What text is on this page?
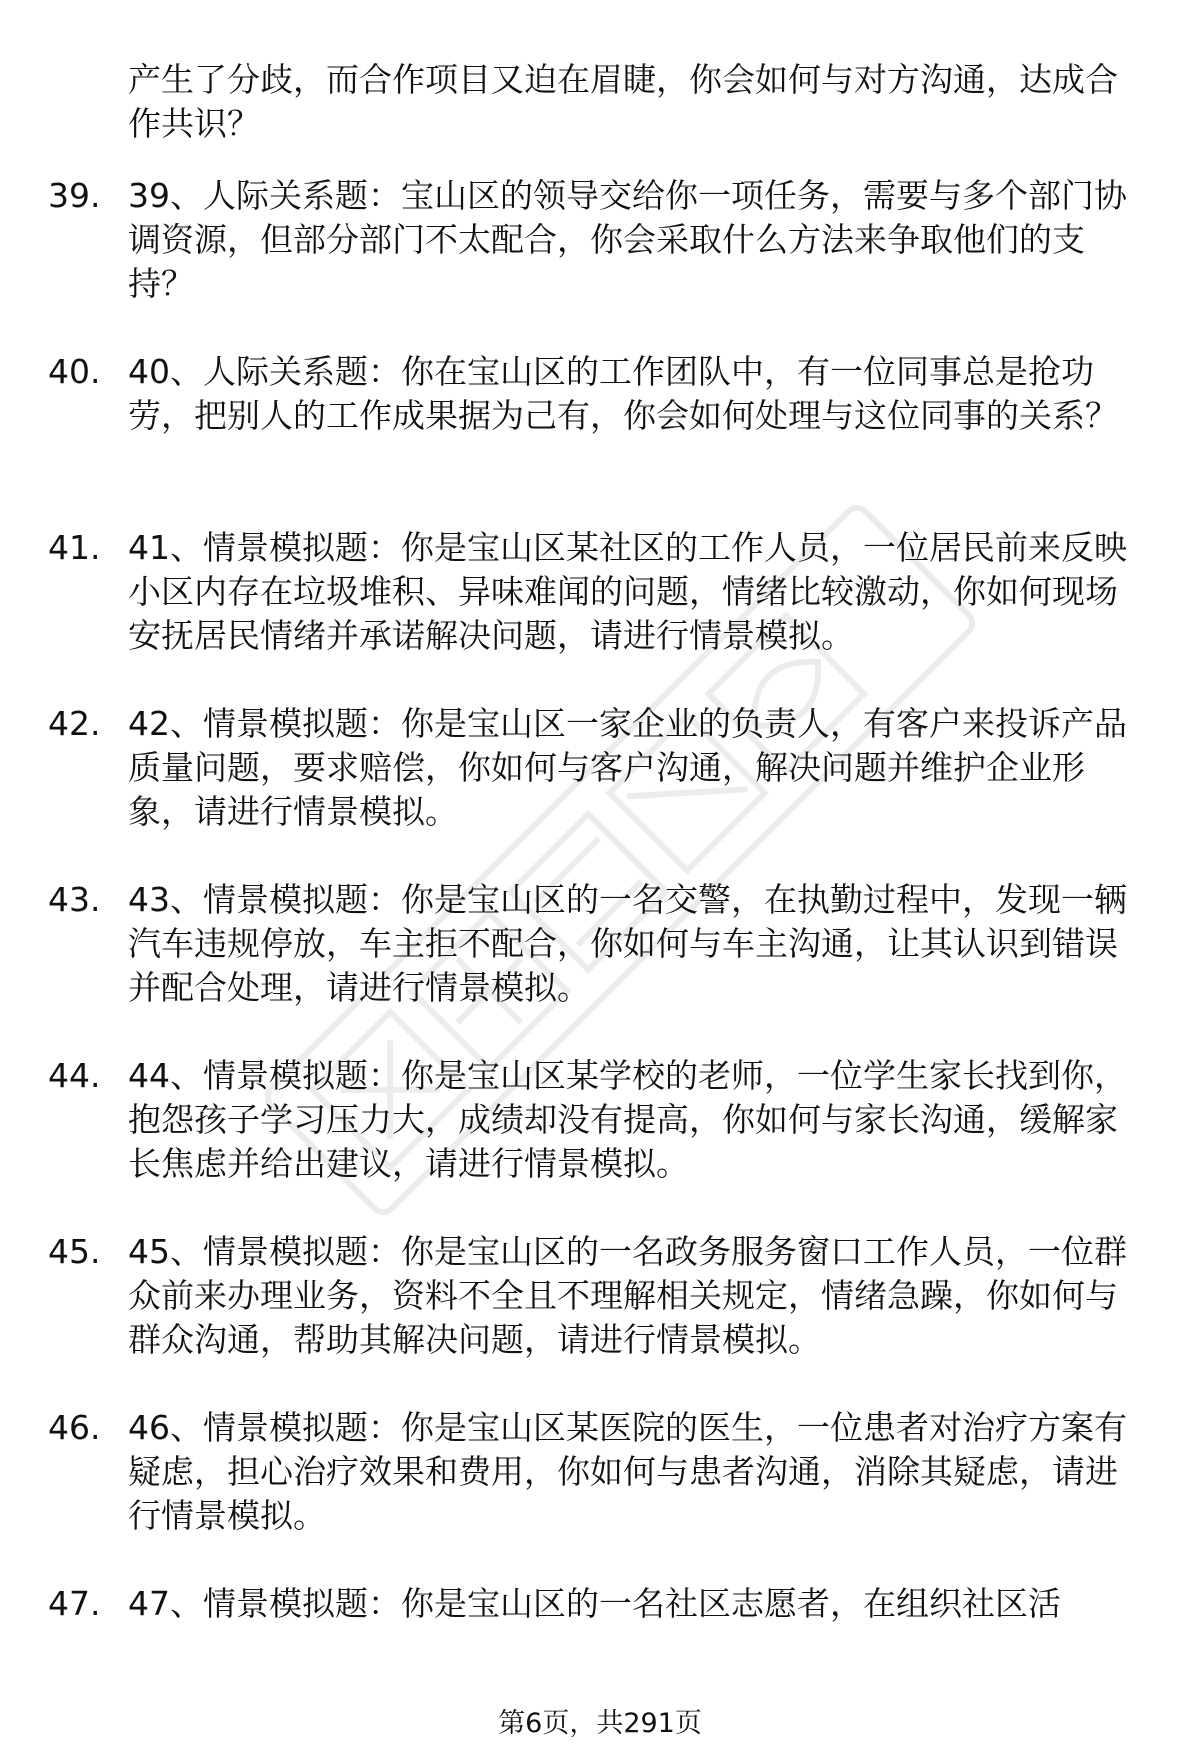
产生了分歧，而合作项目又迫在眉睫，你会如何与对方沟通，达成合作共识？

39. 39、人际关系题：宝山区的领导交给你一项任务，需要与多个部门协调资源，但部分部门不太配合，你会采取什么方法来争取他们的支持？
40. 40、人际关系题：你在宝山区的工作团队中，有一位同事总是抢功劳，把别人的工作成果据为己有，你会如何处理与这位同事的关系？
41. 41、情景模拟题：你是宝山区某社区的工作人员，一位居民前来反映小区内存在垃圾堆积、异味难闻的问题，情绪比较激动，你如何现场安抚居民情绪并承诺解决问题，请进行情景模拟。
42. 42、情景模拟题：你是宝山区一家企业的负责人，有客户来投诉产品质量问题，要求赔偿，你如何与客户沟通，解决问题并维护企业形象，请进行情景模拟。
43. 43、情景模拟题：你是宝山区的一名交警，在执勤过程中，发现一辆汽车违规停放，车主拒不配合，你如何与车主沟通，让其认识到错误并配合处理，请进行情景模拟。
44. 44、情景模拟题：你是宝山区某学校的老师，一位学生家长找到你，抱怨孩子学习压力大，成绩却没有提高，你如何与家长沟通，缓解家长焦虑并给出建议，请进行情景模拟。
45. 45、情景模拟题：你是宝山区的一名政务服务窗口工作人员，一位群众前来办理业务，资料不全且不理解相关规定，情绪急躁，你如何与群众沟通，帮助其解决问题，请进行情景模拟。
46. 46、情景模拟题：你是宝山区某医院的医生，一位患者对治疗方案有疑虑，担心治疗效果和费用，你如何与患者沟通，消除其疑虑，请进行情景模拟。
47. 47、情景模拟题：你是宝山区的一名社区志愿者，在组织社区活
第6页，共291页
